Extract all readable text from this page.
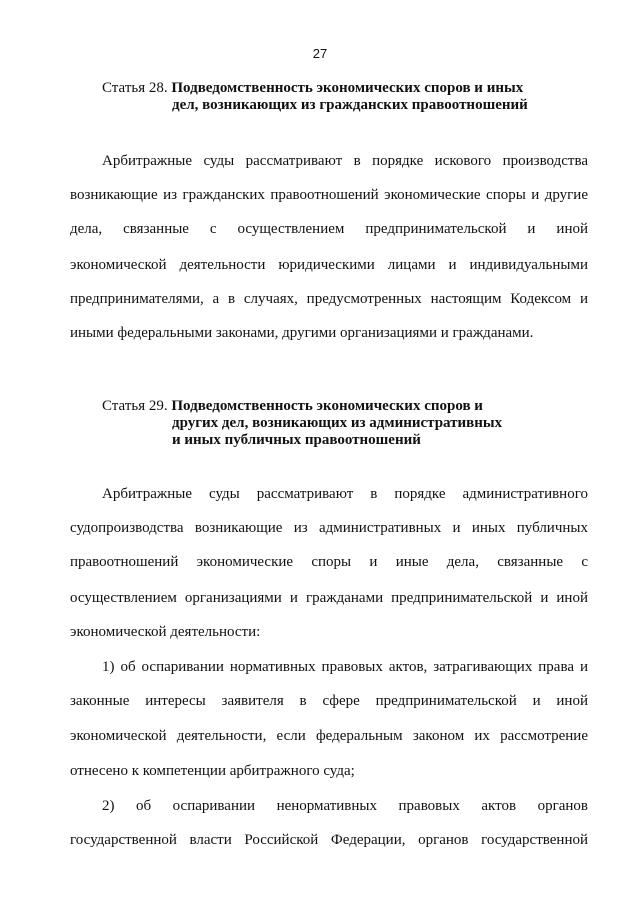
27
Статья 28. Подведомственность экономических споров и иных
дел, возникающих из гражданских правоотношений
Арбитражные суды рассматривают в порядке искового производства
возникающие из гражданских правоотношений экономические споры и другие
дела, связанные с осуществлением предпринимательской и иной
экономической деятельности юридическими лицами и индивидуальными
предпринимателями, а в случаях, предусмотренных настоящим Кодексом и
иными федеральными законами, другими организациями и гражданами.
Статья 29. Подведомственность экономических споров и
других дел, возникающих из административных
и иных публичных правоотношений
Арбитражные суды рассматривают в порядке административного
судопроизводства возникающие из административных и иных публичных
правоотношений экономические споры и иные дела, связанные с
осуществлением организациями и гражданами предпринимательской и иной
экономической деятельности:
1) об оспаривании нормативных правовых актов, затрагивающих права и
законные интересы заявителя в сфере предпринимательской и иной
экономической деятельности, если федеральным законом их рассмотрение
отнесено к компетенции арбитражного суда;
2) об оспаривании ненормативных правовых актов органов
государственной власти Российской Федерации, органов государственной
